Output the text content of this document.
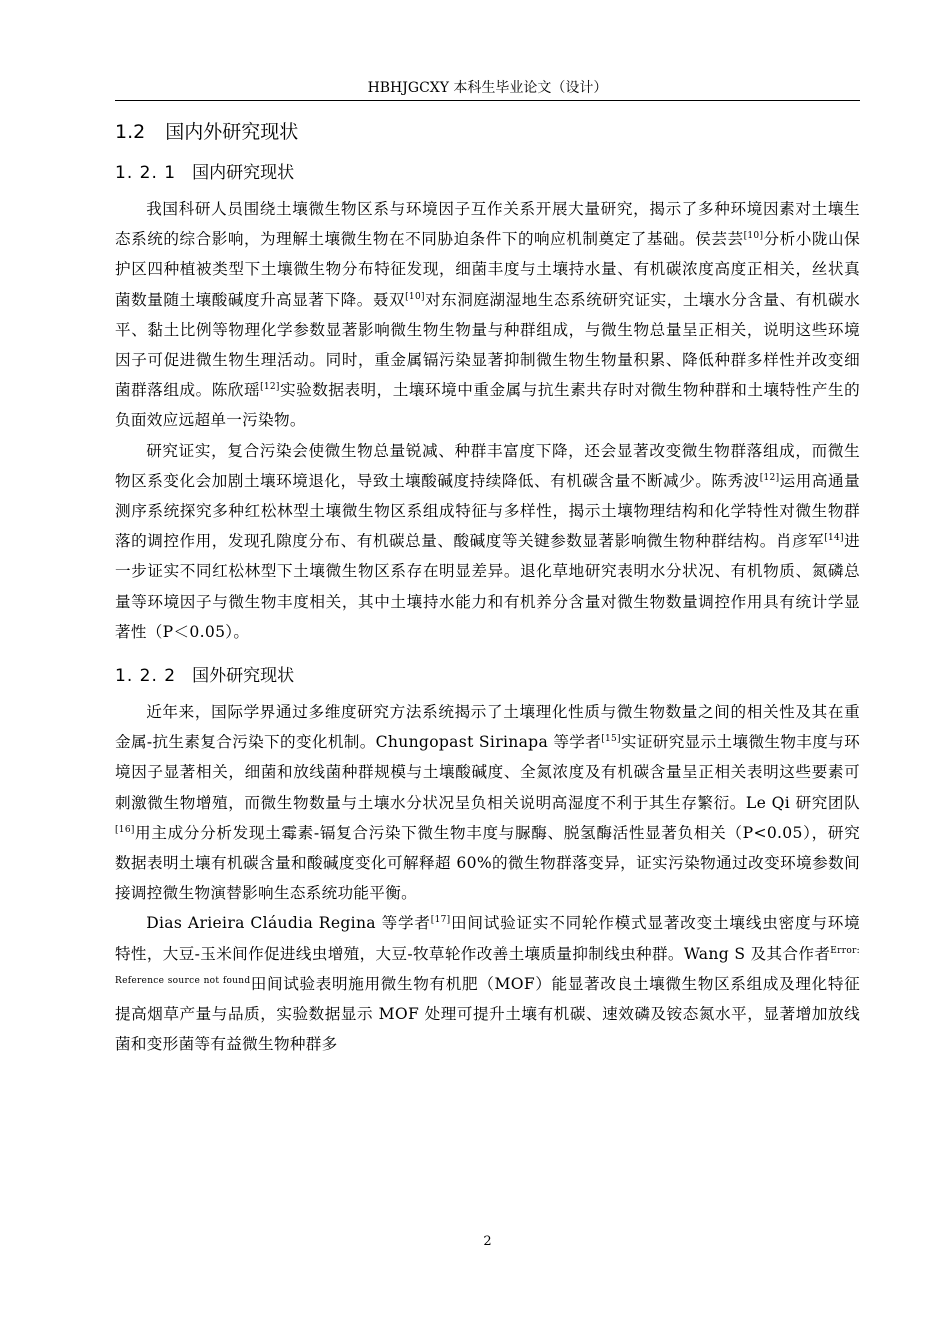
HBHJGCXY 本科生毕业论文（设计）
1.2 国内外研究现状
1. 2. 1 国内研究现状

我国科研人员围绕土壤微生物区系与环境因子互作关系开展大量研究，揭示了多种环境因素对土壤生态系统的综合影响，为理解土壤微生物在不同胁迫条件下的响应机制奠定了基础。侯芸芸[10]分析小陇山保护区四种植被类型下土壤微生物分布特征发现，细菌丰度与土壤持水量、有机碳浓度高度正相关，丝状真菌数量随土壤酸碱度升高显著下降。聂双[10]对东洞庭湖湿地生态系统研究证实，土壤水分含量、有机碳水平、黏土比例等物理化学参数显著影响微生物生物量与种群组成，与微生物总量呈正相关，说明这些环境因子可促进微生物生理活动。同时，重金属镉污染显著抑制微生物生物量积累、降低种群多样性并改变细菌群落组成。陈欣瑶[12]实验数据表明，土壤环境中重金属与抗生素共存时对微生物种群和土壤特性产生的负面效应远超单一污染物。

研究证实，复合污染会使微生物总量锐减、种群丰富度下降，还会显著改变微生物群落组成，而微生物区系变化会加剧土壤环境退化，导致土壤酸碱度持续降低、有机碳含量不断减少。陈秀波[12]运用高通量测序系统探究多种红松林型土壤微生物区系组成特征与多样性，揭示土壤物理结构和化学特性对微生物群落的调控作用，发现孔隙度分布、有机碳总量、酸碱度等关键参数显著影响微生物种群结构。肖彦军[14]进一步证实不同红松林型下土壤微生物区系存在明显差异。退化草地研究表明水分状况、有机物质、氮磷总量等环境因子与微生物丰度相关，其中土壤持水能力和有机养分含量对微生物数量调控作用具有统计学显著性（P＜0.05）。

1. 2. 2 国外研究现状

近年来，国际学界通过多维度研究方法系统揭示了土壤理化性质与微生物数量之间的相关性及其在重金属-抗生素复合污染下的变化机制。Chungopast Sirinapa 等学者[15]实证研究显示土壤微生物丰度与环境因子显著相关，细菌和放线菌种群规模与土壤酸碱度、全氮浓度及有机碳含量呈正相关表明这些要素可刺激微生物增殖，而微生物数量与土壤水分状况呈负相关说明高湿度不利于其生存繁衍。Le Qi 研究团队[16]用主成分分析发现土霉素-镉复合污染下微生物丰度与脲酶、脱氢酶活性显著负相关（P<0.05），研究数据表明土壤有机碳含量和酸碱度变化可解释超 60%的微生物群落变异，证实污染物通过改变环境参数间接调控微生物演替影响生态系统功能平衡。

Dias Arieira Cláudia Regina 等学者[17]田间试验证实不同轮作模式显著改变土壤线虫密度与环境特性，大豆-玉米间作促进线虫增殖，大豆-牧草轮作改善土壤质量抑制线虫种群。Wang S 及其合作者$^{Error: Reference source not found}$田间试验表明施用微生物有机肥（MOF）能显著改良土壤微生物区系组成及理化特征提高烟草产量与品质，实验数据显示 MOF 处理可提升土壤有机碳、速效磷及铵态氮水平，显著增加放线菌和变形菌等有益微生物种群多

2
